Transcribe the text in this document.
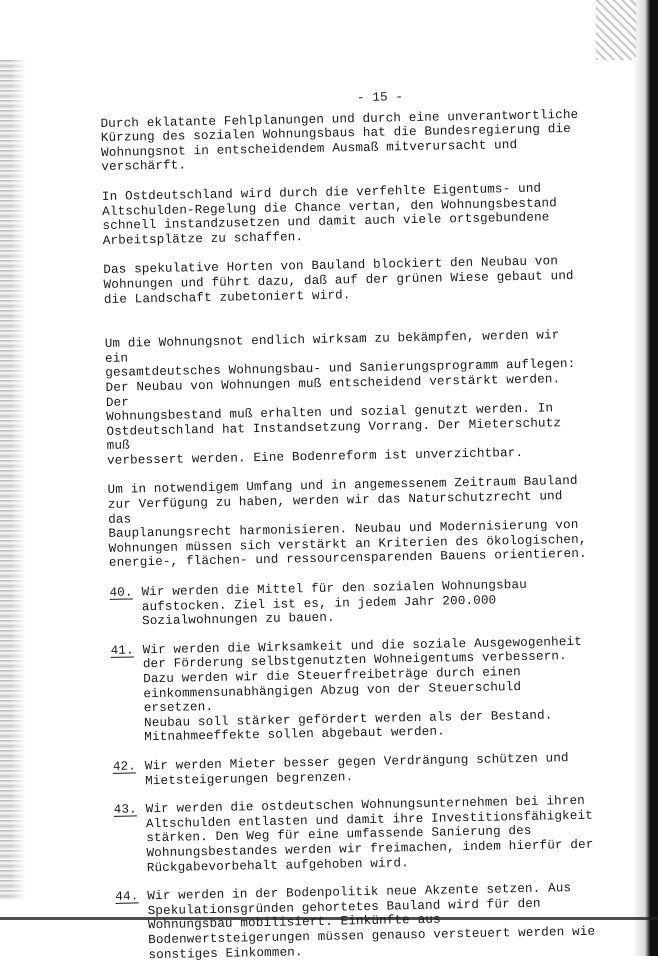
- 15 -

Durch eklatante Fehlplanungen und durch eine unverantwortliche
Kürzung des sozialen Wohnungsbaus hat die Bundesregierung die
Wohnungsnot in entscheidendem Ausmaß mitverursacht und
verschärft.

In Ostdeutschland wird durch die verfehlte Eigentums- und
Altschulden-Regelung die Chance vertan, den Wohnungsbestand
schnell instandzusetzen und damit auch viele ortsgebundene
Arbeitsplätze zu schaffen.

Das spekulative Horten von Bauland blockiert den Neubau von
Wohnungen und führt dazu, daß auf der grünen Wiese gebaut und
die Landschaft zubetoniert wird.

Um die Wohnungsnot endlich wirksam zu bekämpfen, werden wir ein
gesamtdeutsches Wohnungsbau- und Sanierungsprogramm auflegen:
Der Neubau von Wohnungen muß entscheidend verstärkt werden. Der
Wohnungsbestand muß erhalten und sozial genutzt werden. In
Ostdeutschland hat Instandsetzung Vorrang. Der Mieterschutz muß
verbessert werden. Eine Bodenreform ist unverzichtbar.

Um in notwendigem Umfang und in angemessenem Zeitraum Bauland
zur Verfügung zu haben, werden wir das Naturschutzrecht und das
Bauplanungsrecht harmonisieren. Neubau und Modernisierung von
Wohnungen müssen sich verstärkt an Kriterien des ökologischen,
energie-, flächen- und ressourcensparenden Bauens orientieren.

40. Wir werden die Mittel für den sozialen Wohnungsbau
aufstocken. Ziel ist es, in jedem Jahr 200.000
Sozialwohnungen zu bauen.
41. Wir werden die Wirksamkeit und die soziale Ausgewogenheit
der Förderung selbstgenutzten Wohneigentums verbessern.
Dazu werden wir die Steuerfreibeträge durch einen
einkommensunabhängigen Abzug von der Steuerschuld ersetzen.
Neubau soll stärker gefördert werden als der Bestand.
Mitnahmeeffekte sollen abgebaut werden.
42. Wir werden Mieter besser gegen Verdrängung schützen und
Mietsteigerungen begrenzen.
43. Wir werden die ostdeutschen Wohnungsunternehmen bei ihren
Altschulden entlasten und damit ihre Investitionsfähigkeit
stärken. Den Weg für eine umfassende Sanierung des
Wohnungsbestandes werden wir freimachen, indem hierfür der
Rückgabevorbehalt aufgehoben wird.
44. Wir werden in der Bodenpolitik neue Akzente setzen. Aus
Spekulationsgründen gehortetes Bauland wird für den
Wohnungsbau mobilisiert. Einkünfte aus
Bodenwertsteigerungen müssen genauso versteuert werden wie
sonstiges Einkommen.
